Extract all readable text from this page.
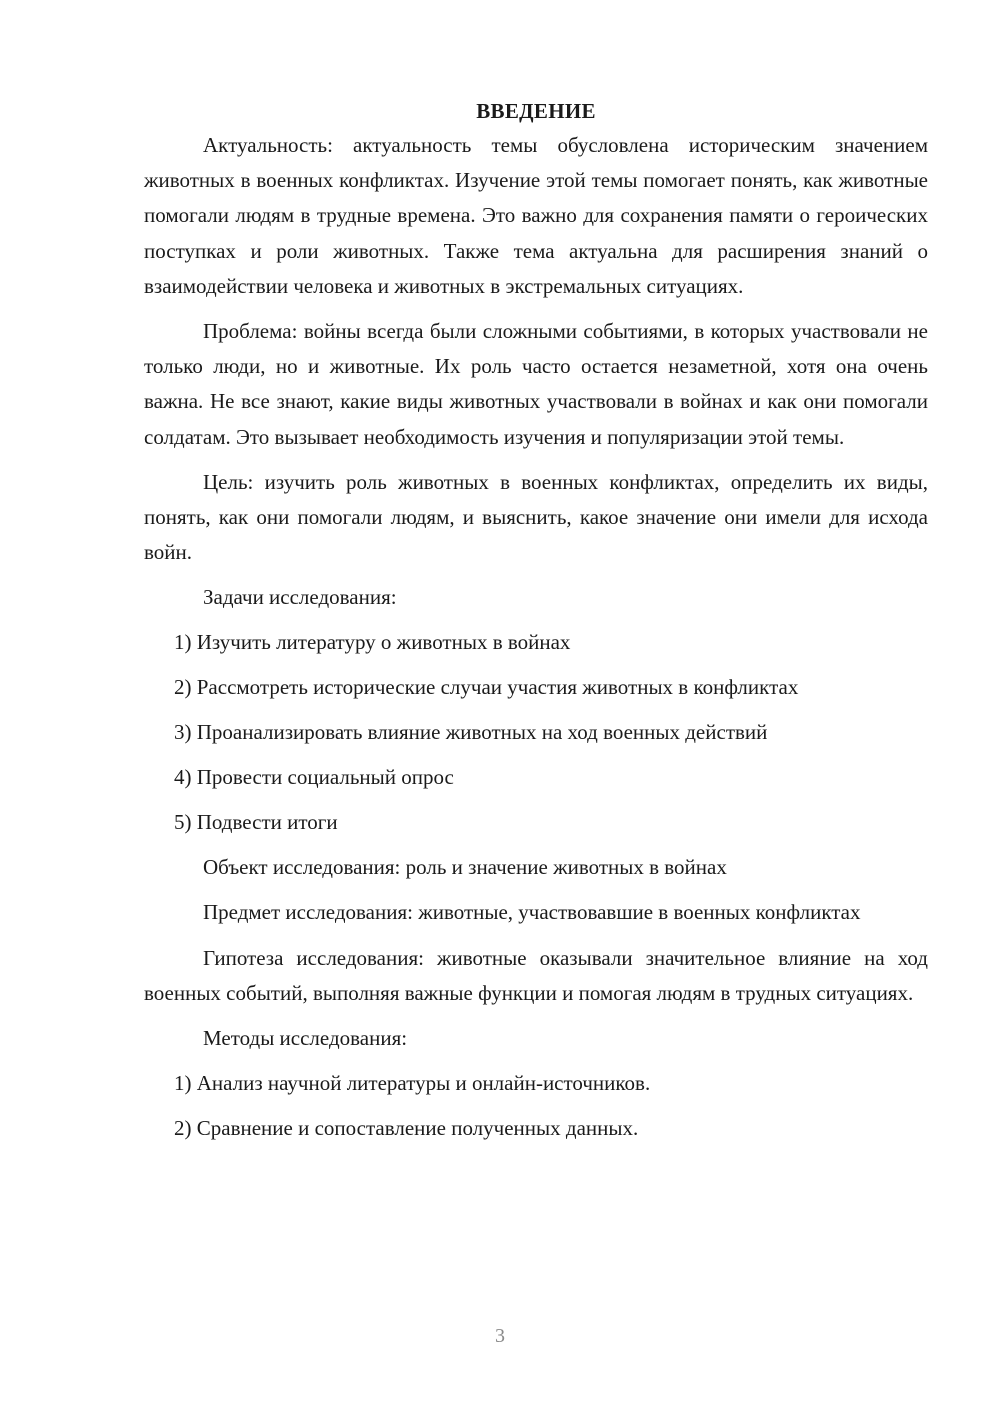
ВВЕДЕНИЕ

Актуальность: актуальность темы обусловлена историческим значением животных в военных конфликтах. Изучение этой темы помогает понять, как животные помогали людям в трудные времена. Это важно для сохранения памяти о героических поступках и роли животных. Также тема актуальна для расширения знаний о взаимодействии человека и животных в экстремальных ситуациях.

Проблема: войны всегда были сложными событиями, в которых участвовали не только люди, но и животные. Их роль часто остается незаметной, хотя она очень важна. Не все знают, какие виды животных участвовали в войнах и как они помогали солдатам. Это вызывает необходимость изучения и популяризации этой темы.

Цель: изучить роль животных в военных конфликтах, определить их виды, понять, как они помогали людям, и выяснить, какое значение они имели для исхода войн.

Задачи исследования:
1) Изучить литературу о животных в войнах
2) Рассмотреть исторические случаи участия животных в конфликтах
3) Проанализировать влияние животных на ход военных действий
4) Провести социальный опрос
5) Подвести итоги
Объект исследования: роль и значение животных в войнах

Предмет исследования: животные, участвовавшие в военных конфликтах

Гипотеза исследования: животные оказывали значительное влияние на ход военных событий, выполняя важные функции и помогая людям в трудных ситуациях.

Методы исследования:
1) Анализ научной литературы и онлайн-источников.
2) Сравнение и сопоставление полученных данных.
3
